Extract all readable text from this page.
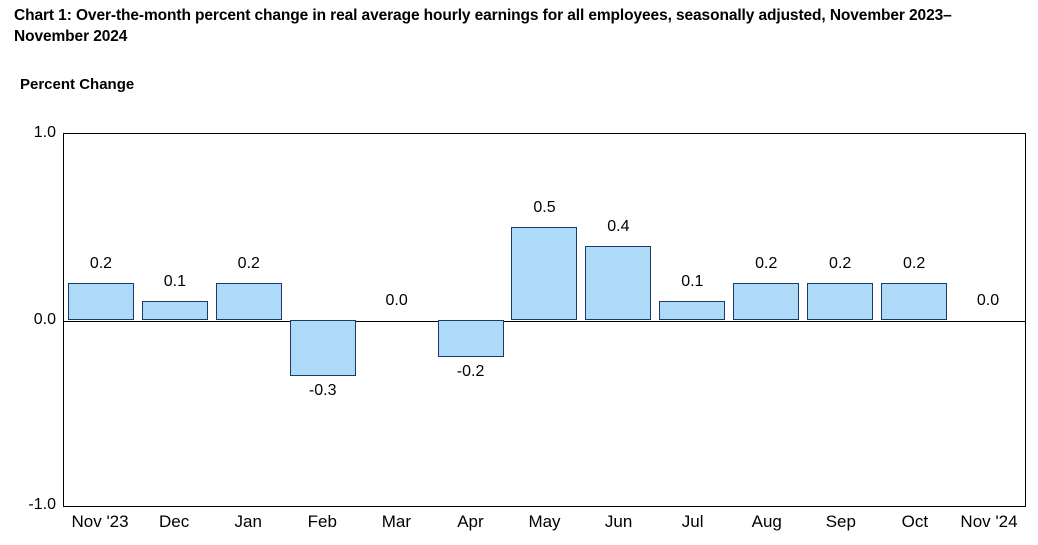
Chart 1: Over-the-month percent change in real average hourly earnings for all employees, seasonally adjusted, November 2023–November 2024
Percent Change
1.0
0.0
-1.0
0.2
0.1
0.2
-0.3
0.0
-0.2
0.5
0.4
0.1
0.2	0.2	0.2
0.0
Nov '23	Dec	Jan	Feb	Mar	Apr	May	Jun	Jul	Aug	Sep	Oct	Nov '24
